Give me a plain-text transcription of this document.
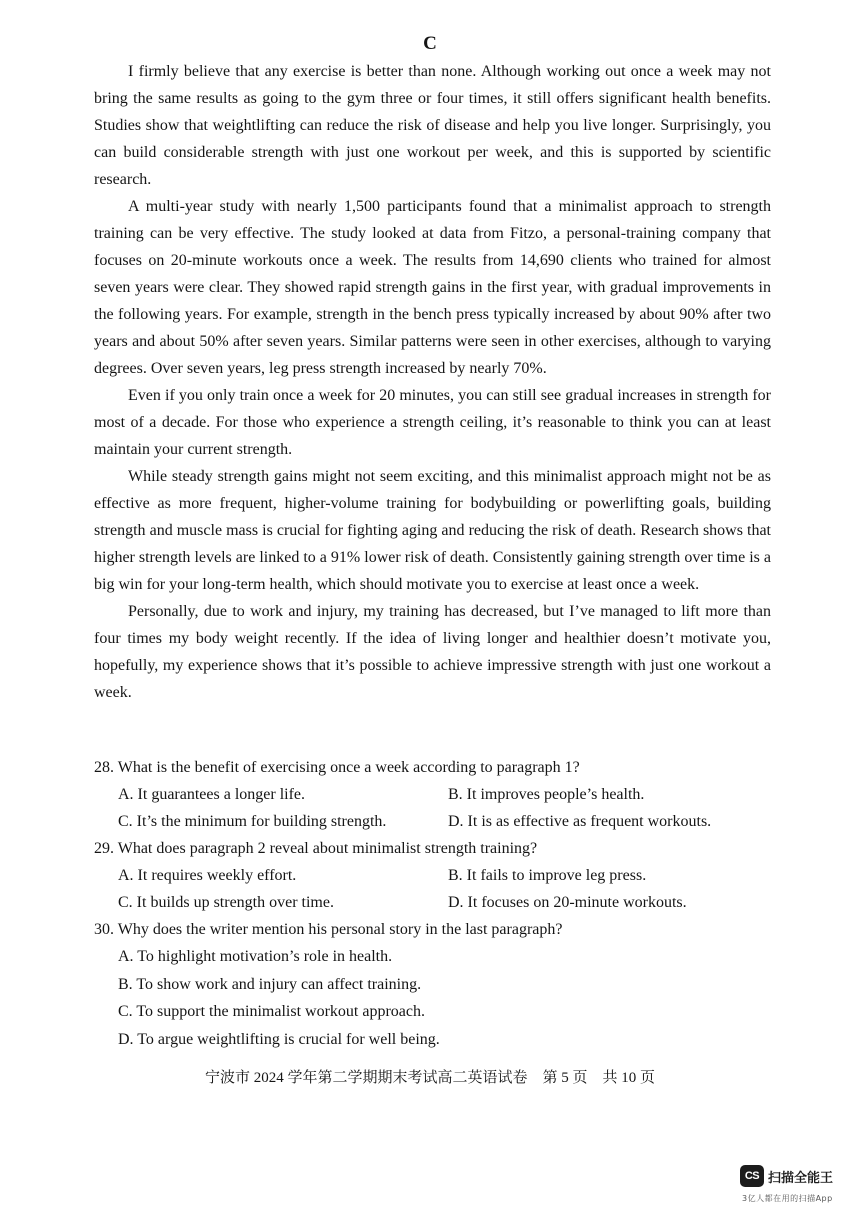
C

I firmly believe that any exercise is better than none. Although working out once a week may not bring the same results as going to the gym three or four times, it still offers significant health benefits. Studies show that weightlifting can reduce the risk of disease and help you live longer. Surprisingly, you can build considerable strength with just one workout per week, and this is supported by scientific research.

A multi-year study with nearly 1,500 participants found that a minimalist approach to strength training can be very effective. The study looked at data from Fitzo, a personal-training company that focuses on 20-minute workouts once a week. The results from 14,690 clients who trained for almost seven years were clear. They showed rapid strength gains in the first year, with gradual improvements in the following years. For example, strength in the bench press typically increased by about 90% after two years and about 50% after seven years. Similar patterns were seen in other exercises, although to varying degrees. Over seven years, leg press strength increased by nearly 70%.

Even if you only train once a week for 20 minutes, you can still see gradual increases in strength for most of a decade. For those who experience a strength ceiling, it’s reasonable to think you can at least maintain your current strength.

While steady strength gains might not seem exciting, and this minimalist approach might not be as effective as more frequent, higher-volume training for bodybuilding or powerlifting goals, building strength and muscle mass is crucial for fighting aging and reducing the risk of death. Research shows that higher strength levels are linked to a 91% lower risk of death. Consistently gaining strength over time is a big win for your long-term health, which should motivate you to exercise at least once a week.

Personally, due to work and injury, my training has decreased, but I’ve managed to lift more than four times my body weight recently. If the idea of living longer and healthier doesn’t motivate you, hopefully, my experience shows that it’s possible to achieve impressive strength with just one workout a week.

28. What is the benefit of exercising once a week according to paragraph 1?

A. It guarantees a longer life.	B. It improves people’s health.
C. It’s the minimum for building strength.	D. It is as effective as frequent workouts.

29. What does paragraph 2 reveal about minimalist strength training?

A. It requires weekly effort.	B. It fails to improve leg press.
C. It builds up strength over time.	D. It focuses on 20-minute workouts.

30. Why does the writer mention his personal story in the last paragraph?

A. To highlight motivation’s role in health.

B. To show work and injury can affect training.

C. To support the minimalist workout approach.

D. To argue weightlifting is crucial for well being.

宁波市 2024 学年第二学期期末考试高二英语试卷　第 5 页　共 10 页
CS 扫描全能王
3亿人都在用的扫描App
